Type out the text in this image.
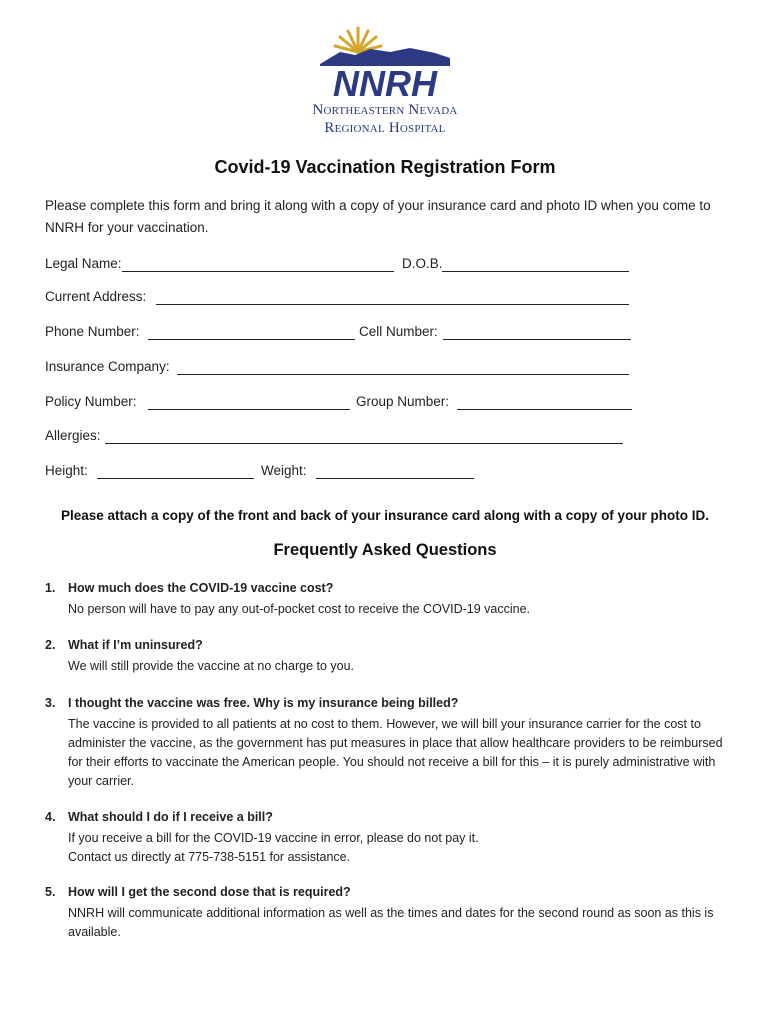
NNRH
Northeastern Nevada
Regional Hospital
Covid-19 Vaccination Registration Form
Please complete this form and bring it along with a copy of your insurance card and photo ID when you come to NNRH for your vaccination.
Legal Name:	D.O.B.
Current Address:
Phone Number:	Cell Number:
Insurance Company:
Policy Number:	Group Number:
Allergies:
Height:	Weight:
Please attach a copy of the front and back of your insurance card along with a copy of your photo ID.
Frequently Asked Questions
1. How much does the COVID-19 vaccine cost?
No person will have to pay any out-of-pocket cost to receive the COVID-19 vaccine.
2. What if I’m uninsured?
We will still provide the vaccine at no charge to you.
3. I thought the vaccine was free. Why is my insurance being billed?
The vaccine is provided to all patients at no cost to them. However, we will bill your insurance carrier for the cost to administer the vaccine, as the government has put measures in place that allow healthcare providers to be reimbursed for their efforts to vaccinate the American people. You should not receive a bill for this – it is purely administrative with your carrier.
4. What should I do if I receive a bill?
If you receive a bill for the COVID-19 vaccine in error, please do not pay it.
Contact us directly at 775-738-5151 for assistance.
5. How will I get the second dose that is required?
NNRH will communicate additional information as well as the times and dates for the second round as soon as this is available.
